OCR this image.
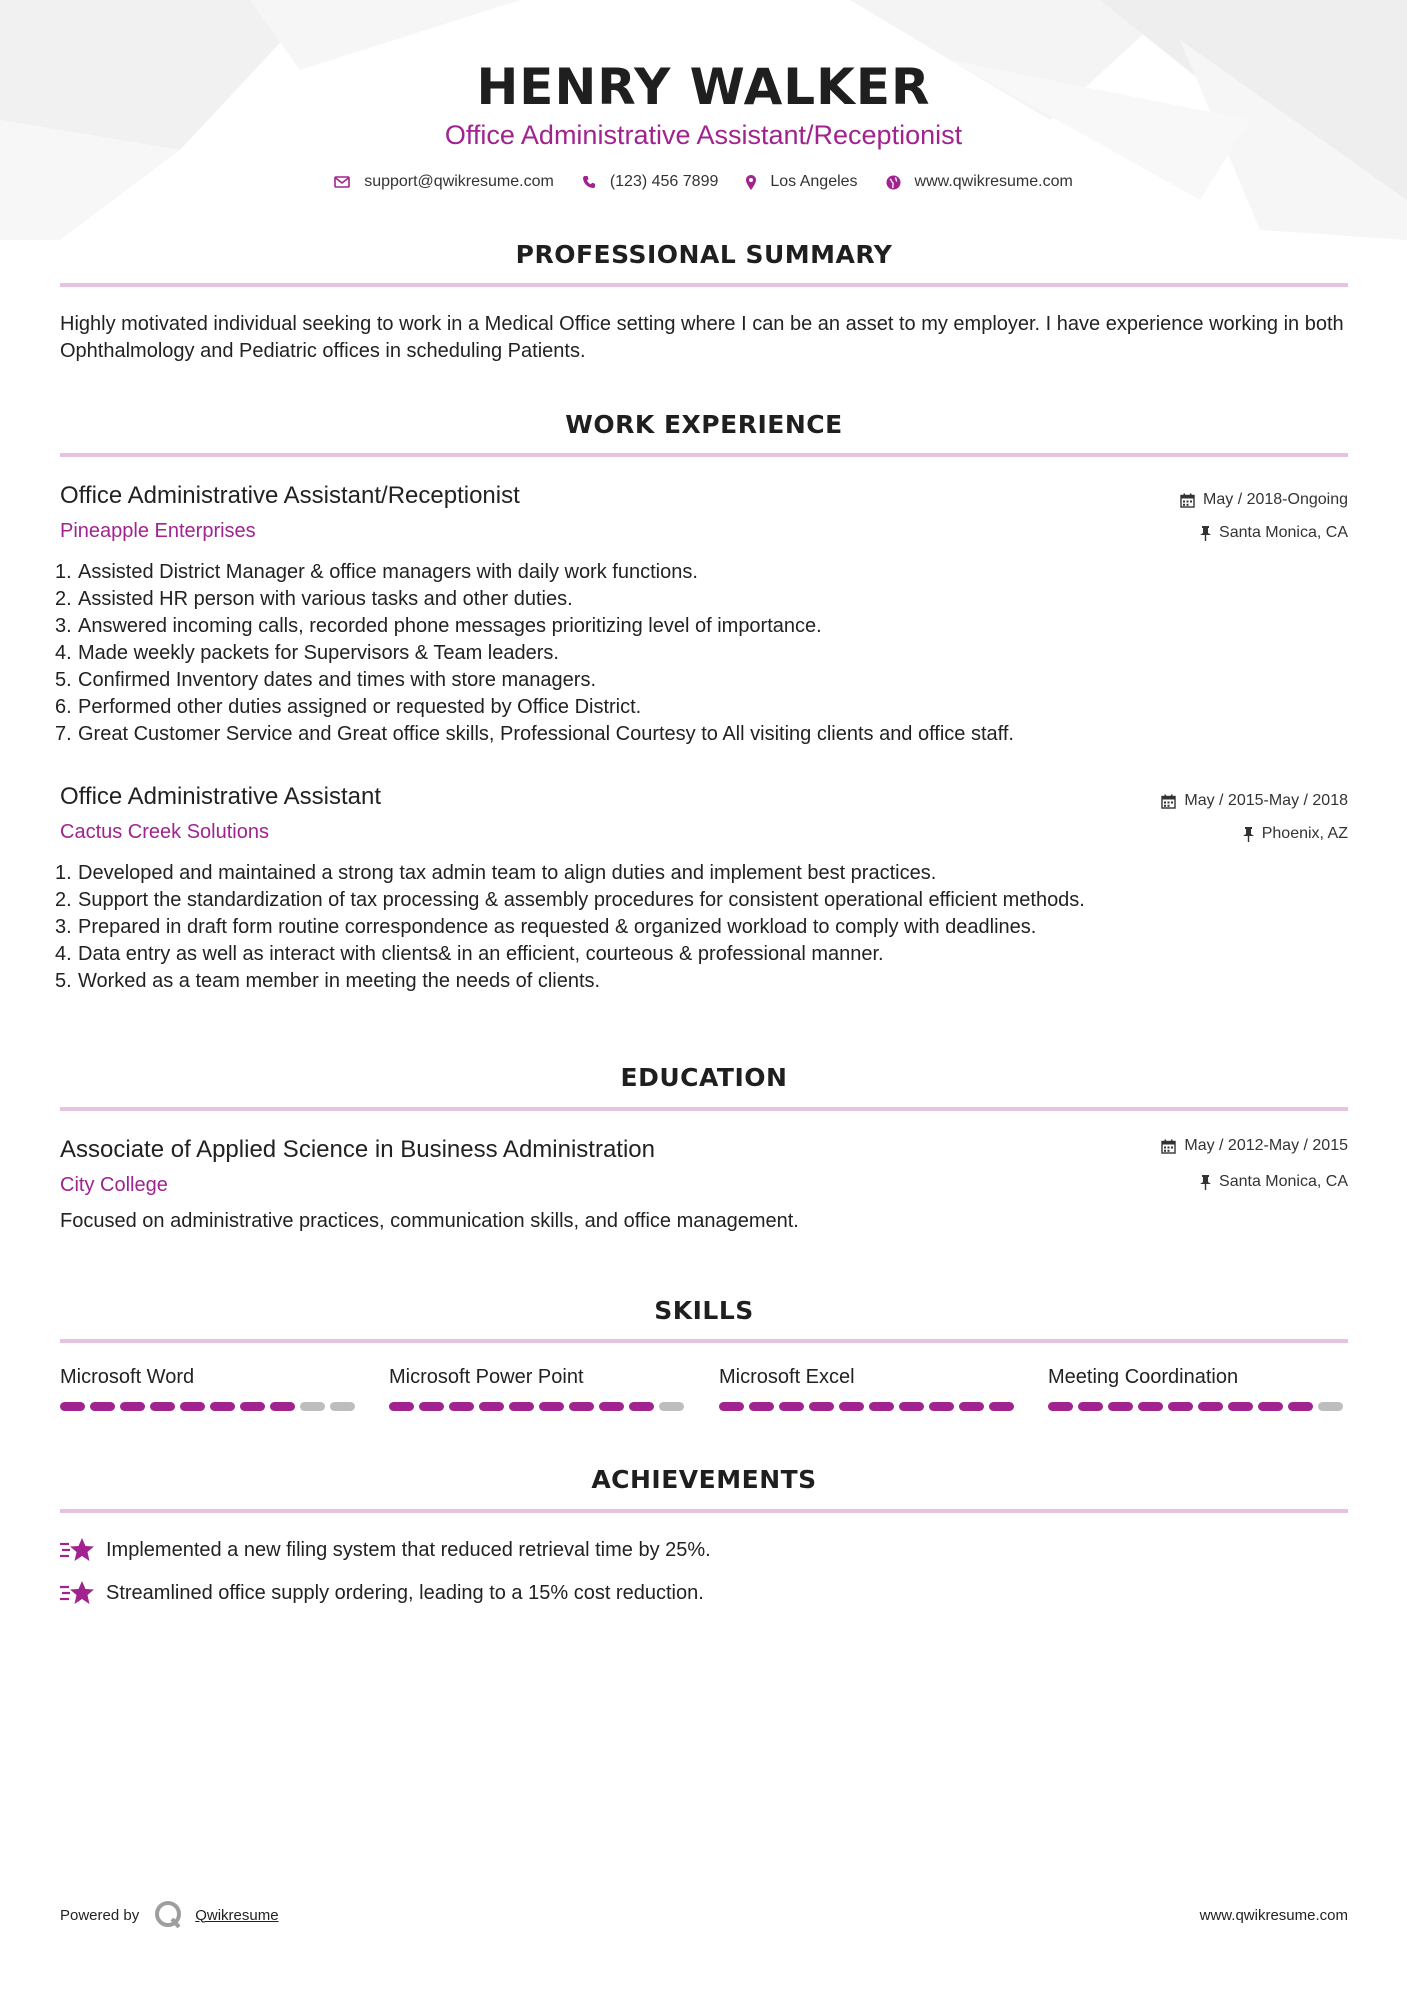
HENRY WALKER
Office Administrative Assistant/Receptionist
support@qwikresume.com	(123) 456 7899	Los Angeles	www.qwikresume.com
PROFESSIONAL SUMMARY
Highly motivated individual seeking to work in a Medical Office setting where I can be an asset to my employer. I have experience working in both Ophthalmology and Pediatric offices in scheduling Patients.
WORK EXPERIENCE
Office Administrative Assistant/Receptionist
Pineapple Enterprises
May / 2018-Ongoing
Santa Monica, CA
1. Assisted District Manager & office managers with daily work functions.
2. Assisted HR person with various tasks and other duties.
3. Answered incoming calls, recorded phone messages prioritizing level of importance.
4. Made weekly packets for Supervisors & Team leaders.
5. Confirmed Inventory dates and times with store managers.
6. Performed other duties assigned or requested by Office District.
7. Great Customer Service and Great office skills, Professional Courtesy to All visiting clients and office staff.
Office Administrative Assistant
Cactus Creek Solutions
May / 2015-May / 2018
Phoenix, AZ
1. Developed and maintained a strong tax admin team to align duties and implement best practices.
2. Support the standardization of tax processing & assembly procedures for consistent operational efficient methods.
3. Prepared in draft form routine correspondence as requested & organized workload to comply with deadlines.
4. Data entry as well as interact with clients& in an efficient, courteous & professional manner.
5. Worked as a team member in meeting the needs of clients.
EDUCATION
Associate of Applied Science in Business Administration
City College
May / 2012-May / 2015
Santa Monica, CA
Focused on administrative practices, communication skills, and office management.
SKILLS
Microsoft Word	Microsoft Power Point	Microsoft Excel	Meeting Coordination
ACHIEVEMENTS
Implemented a new filing system that reduced retrieval time by 25%.
Streamlined office supply ordering, leading to a 15% cost reduction.
Powered by	Qwikresume	www.qwikresume.com
